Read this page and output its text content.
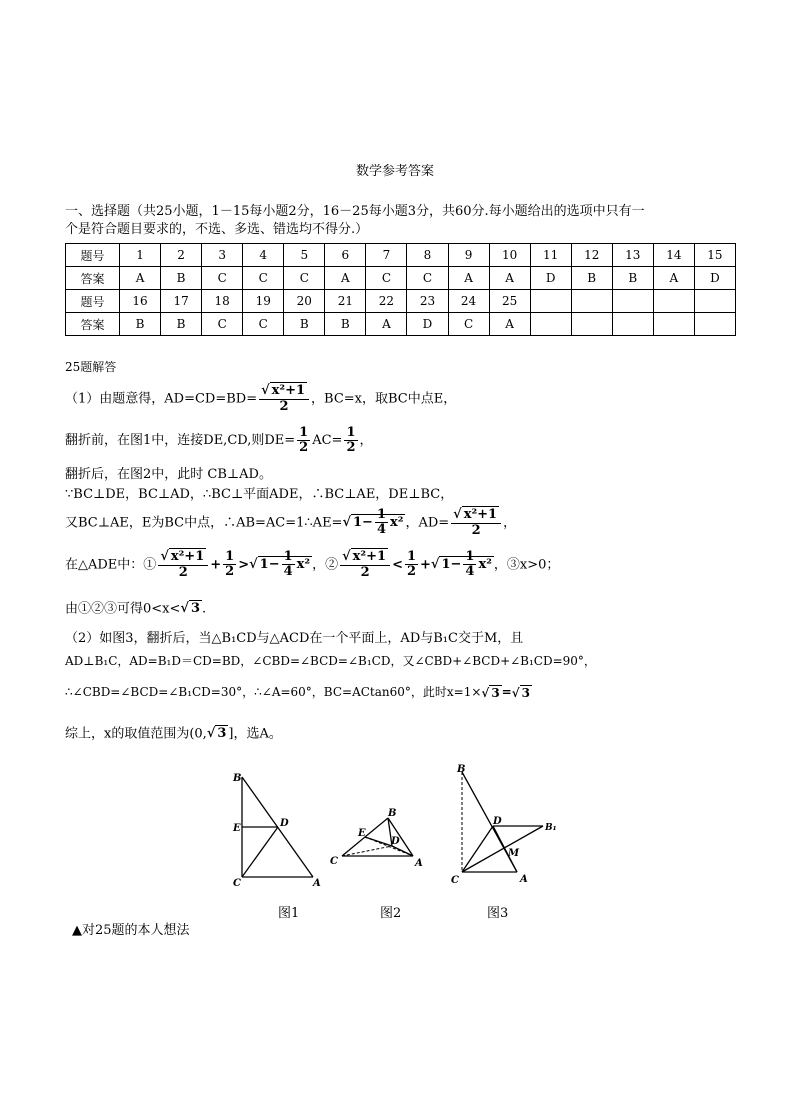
数学参考答案
一、选择题（共25小题，1－15每小题2分，16－25每小题3分，共60分.每小题给出的选项中只有一
个是符合题目要求的，不选、多选、错选均不得分.）
题号	1	2	3	4	5	6	7	8	9	10	11	12	13	14	15
答案	A	B	C	C	C	A	C	C	A	A	D	B	B	A	D
题号	16	17	18	19	20	21	22	23	24	25					
答案	B	B	C	C	B	B	A	D	C	A					
25题解答
（1）由题意得，$AD=CD=BD= \frac{\text{√ x²+1}}{2}$ ，BC=x，取BC中点E，
翻折前，在图1中，连接DE,CD,则$DE= \frac{1}{2} AC= \frac{1}{2}$ ，
翻折后，在图2中，此时 CB⊥AD。
∵BC⊥DE，BC⊥AD，∴BC⊥平面ADE，∴BC⊥AE，DE⊥BC，
又BC⊥AE，E为BC中点，∴AB=AC=1∴AE=√ $1- \frac{1}{4} x^2$ ，$AD= \frac{\text{√ x²+1}}{2}$ ，
在△ADE中：① $\frac{\text{√ x²+1}}{2} + \frac{1}{2}$ >√ $1- \frac{1}{4} x^2$ ，② $\frac{\text{√ x²+1}}{2} < \frac{1}{2}$ +√ $1- \frac{1}{4} x^2$ ，③x>0；
由①②③可得0<x<√ 3 .
（2）如图3，翻折后，当△B₁CD与△ACD在一个平面上，AD与B₁C交于M，且
AD⊥B₁C，AD=B₁D＝CD=BD，∠CBD=∠BCD=∠B₁CD，又∠CBD+∠BCD+∠B₁CD=90°，
∴∠CBD=∠BCD=∠B₁CD=30°，∴∠A=60°，BC=ACtan60°，此时x=1×√ 3 =√ 3
综上，x的取值范围为(0,√ 3 ]，选A。
B
E	D
C	A
图1
B
E
D
C	A
图2
B
D
B₁
M
C	A
图3
▲对25题的本人想法
